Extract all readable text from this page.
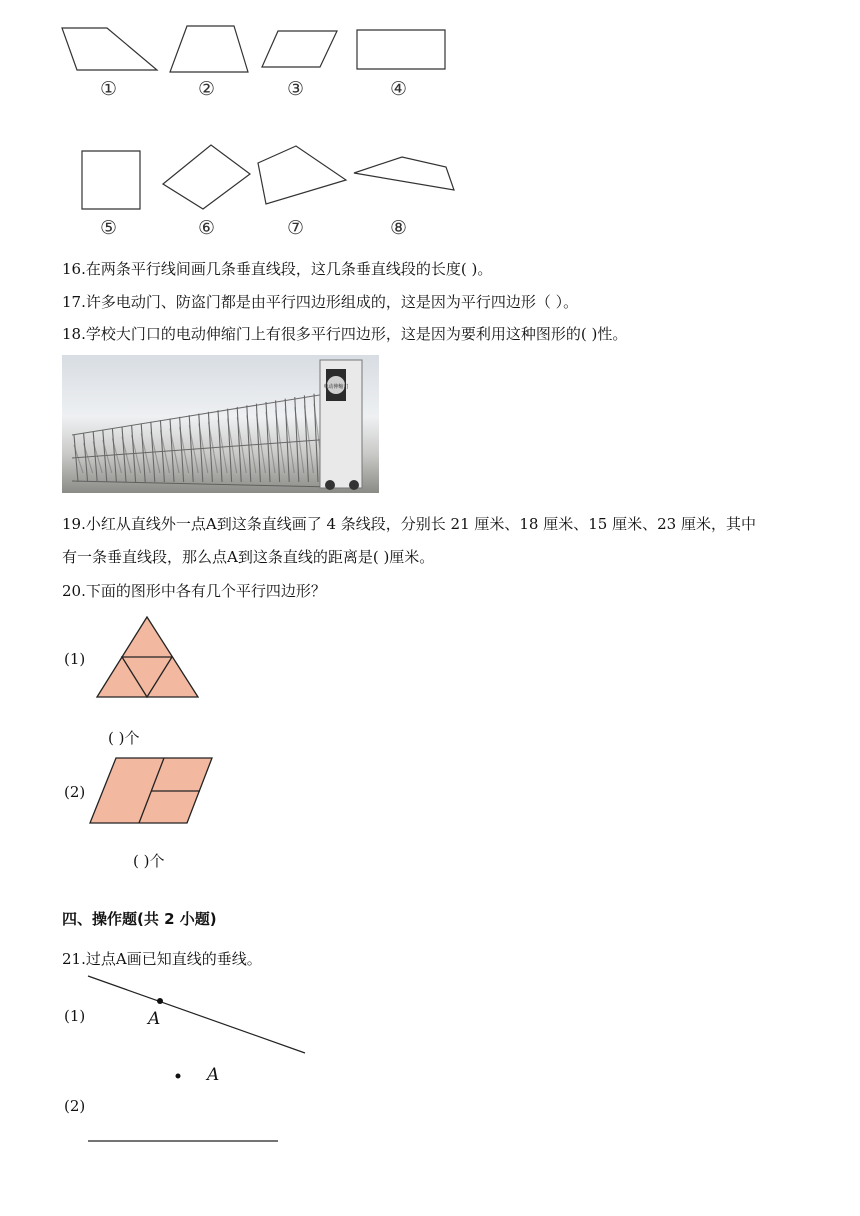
①	②	③	④
⑤	⑥	⑦	⑧
16.在两条平行线间画几条垂直线段，这几条垂直线段的长度( )。
17.许多电动门、防盗门都是由平行四边形组成的，这是因为平行四边形（ ）。
18.学校大门口的电动伸缩门上有很多平行四边形，这是因为要利用这种图形的( )性。
电动伸缩门
19.小红从直线外一点A到这条直线画了 4 条线段，分别长 21 厘米、18 厘米、15 厘米、23 厘米，其中
有一条垂直线段，那么点A到这条直线的距离是( )厘米。
20.下面的图形中各有几个平行四边形？
(1)
( )个
(2)
( )个
四、操作题(共 2 小题)
21.过点A画已知直线的垂线。
(1)	A
A
(2)
